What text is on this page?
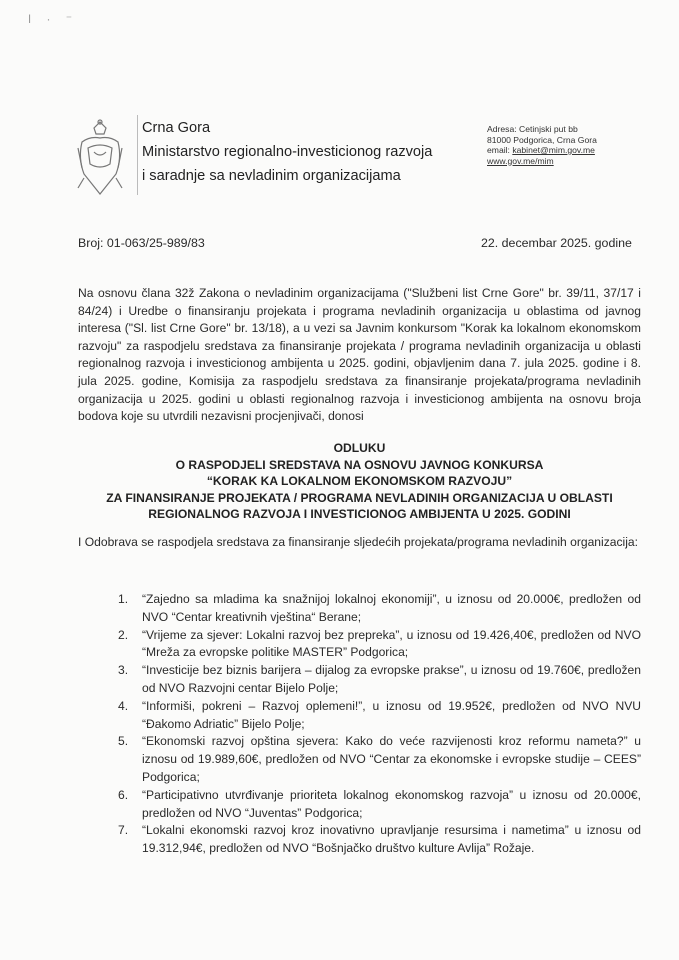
ǀ · ⁻
Crna Gora
Ministarstvo regionalno-investicionog razvoja
i saradnje sa nevladinim organizacijama
Adresa: Cetinjski put bb
81000 Podgorica, Crna Gora
email: kabinet@mim.gov.me
www.gov.me/mim
Broj: 01-063/25-989/83	22. decembar 2025. godine
Na osnovu člana 32ž Zakona o nevladinim organizacijama ("Službeni list Crne Gore" br. 39/11, 37/17 i 84/24) i Uredbe o finansiranju projekata i programa nevladinih organizacija u oblastima od javnog interesa ("Sl. list Crne Gore" br. 13/18), a u vezi sa Javnim konkursom "Korak ka lokalnom ekonomskom razvoju" za raspodjelu sredstava za finansiranje projekata / programa nevladinih organizacija u oblasti regionalnog razvoja i investicionog ambijenta u 2025. godini, objavljenim dana 7. jula 2025. godine i 8. jula 2025. godine, Komisija za raspodjelu sredstava za finansiranje projekata/programa nevladinih organizacija u 2025. godini u oblasti regionalnog razvoja i investicionog ambijenta na osnovu broja bodova koje su utvrdili nezavisni procjenjivači, donosi
ODLUKU
O RASPODJELI SREDSTAVA NA OSNOVU JAVNOG KONKURSA
“KORAK KA LOKALNOM EKONOMSKOM RAZVOJU”
ZA FINANSIRANJE PROJEKATA / PROGRAMA NEVLADINIH ORGANIZACIJA U OBLASTI
REGIONALNOG RAZVOJA I INVESTICIONOG AMBIJENTA U 2025. GODINI
I Odobrava se raspodjela sredstava za finansiranje sljedećih projekata/programa nevladinih organizacija:
1. “Zajedno sa mladima ka snažnijoj lokalnoj ekonomiji”, u iznosu od 20.000€, predložen od NVO “Centar kreativnih vještina“ Berane;
2. “Vrijeme za sjever: Lokalni razvoj bez prepreka”, u iznosu od 19.426,40€, predložen od NVO “Mreža za evropske politike MASTER” Podgorica;
3. “Investicije bez biznis barijera – dijalog za evropske prakse”, u iznosu od 19.760€, predložen od NVO Razvojni centar Bijelo Polje;
4. “Informiši, pokreni – Razvoj oplemeni!”, u iznosu od 19.952€, predložen od NVO NVU “Đakomo Adriatic” Bijelo Polje;
5. “Ekonomski razvoj opština sjevera: Kako do veće razvijenosti kroz reformu nameta?” u iznosu od 19.989,60€, predložen od NVO “Centar za ekonomske i evropske studije – CEES” Podgorica;
6. “Participativno utvrđivanje prioriteta lokalnog ekonomskog razvoja” u iznosu od 20.000€, predložen od NVO “Juventas” Podgorica;
7. “Lokalni ekonomski razvoj kroz inovativno upravljanje resursima i nametima” u iznosu od 19.312,94€, predložen od NVO “Bošnjačko društvo kulture Avlija” Rožaje.
